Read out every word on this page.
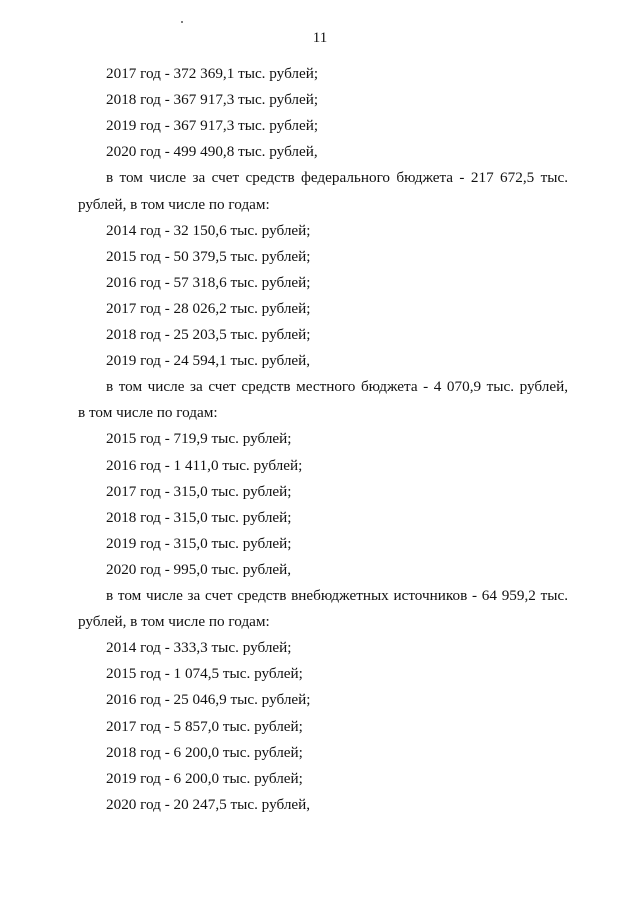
11
2017 год - 372 369,1 тыс. рублей;
2018 год - 367 917,3 тыс. рублей;
2019 год - 367 917,3 тыс. рублей;
2020 год - 499 490,8 тыс. рублей,
в том числе за счет средств федерального бюджета - 217 672,5 тыс.
рублей, в том числе по годам:
2014 год - 32 150,6 тыс. рублей;
2015 год - 50 379,5 тыс. рублей;
2016 год - 57 318,6 тыс. рублей;
2017 год - 28 026,2 тыс. рублей;
2018 год - 25 203,5 тыс. рублей;
2019 год - 24 594,1 тыс. рублей,
в том числе за счет средств местного бюджета - 4 070,9 тыс. рублей,
в том числе по годам:
2015 год - 719,9 тыс. рублей;
2016 год - 1 411,0 тыс. рублей;
2017 год - 315,0 тыс. рублей;
2018 год - 315,0 тыс. рублей;
2019 год - 315,0 тыс. рублей;
2020 год - 995,0 тыс. рублей,
в том числе за счет средств внебюджетных источников - 64 959,2 тыс.
рублей, в том числе по годам:
2014 год - 333,3 тыс. рублей;
2015 год - 1 074,5 тыс. рублей;
2016 год - 25 046,9 тыс. рублей;
2017 год - 5 857,0 тыс. рублей;
2018 год - 6 200,0 тыс. рублей;
2019 год - 6 200,0 тыс. рублей;
2020 год - 20 247,5 тыс. рублей,
